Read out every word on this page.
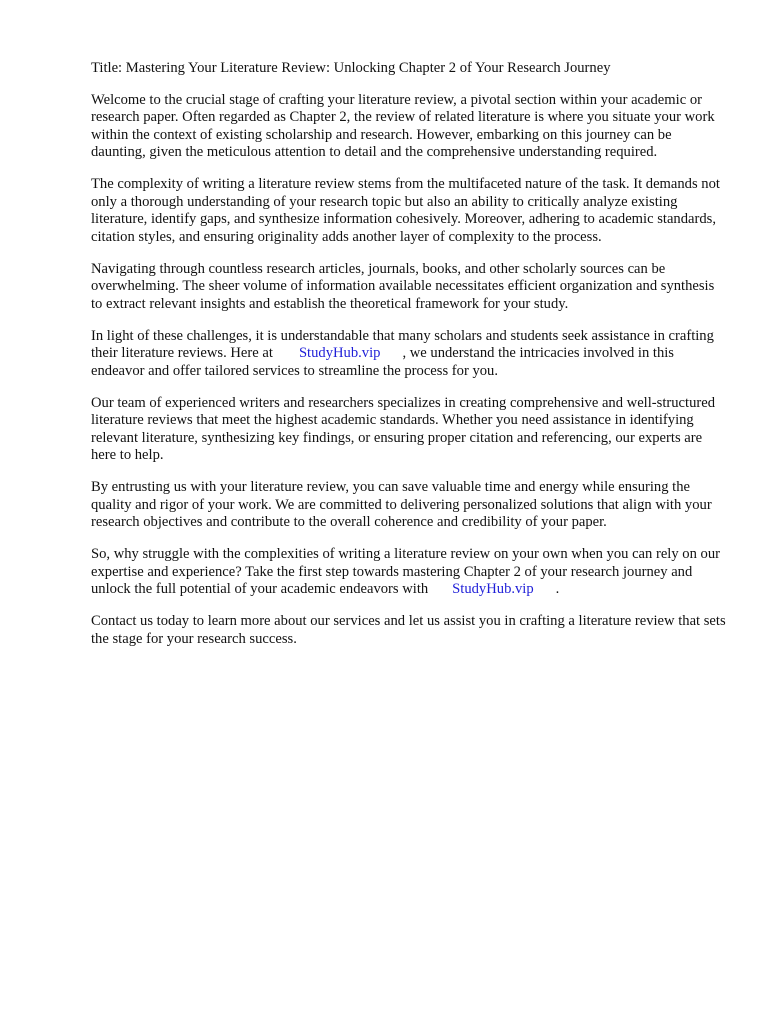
Title: Mastering Your Literature Review: Unlocking Chapter 2 of Your Research Journey

Welcome to the crucial stage of crafting your literature review, a pivotal section within your academic or research paper. Often regarded as Chapter 2, the review of related literature is where you situate your work within the context of existing scholarship and research. However, embarking on this journey can be daunting, given the meticulous attention to detail and the comprehensive understanding required.

The complexity of writing a literature review stems from the multifaceted nature of the task. It demands not only a thorough understanding of your research topic but also an ability to critically analyze existing literature, identify gaps, and synthesize information cohesively. Moreover, adhering to academic standards, citation styles, and ensuring originality adds another layer of complexity to the process.

Navigating through countless research articles, journals, books, and other scholarly sources can be overwhelming. The sheer volume of information available necessitates efficient organization and synthesis to extract relevant insights and establish the theoretical framework for your study.

In light of these challenges, it is understandable that many scholars and students seek assistance in crafting their literature reviews. Here at StudyHub.vip , we understand the intricacies involved in this endeavor and offer tailored services to streamline the process for you.

Our team of experienced writers and researchers specializes in creating comprehensive and well-structured literature reviews that meet the highest academic standards. Whether you need assistance in identifying relevant literature, synthesizing key findings, or ensuring proper citation and referencing, our experts are here to help.

By entrusting us with your literature review, you can save valuable time and energy while ensuring the quality and rigor of your work. We are committed to delivering personalized solutions that align with your research objectives and contribute to the overall coherence and credibility of your paper.

So, why struggle with the complexities of writing a literature review on your own when you can rely on our expertise and experience? Take the first step towards mastering Chapter 2 of your research journey and unlock the full potential of your academic endeavors with StudyHub.vip .

Contact us today to learn more about our services and let us assist you in crafting a literature review that sets the stage for your research success.
